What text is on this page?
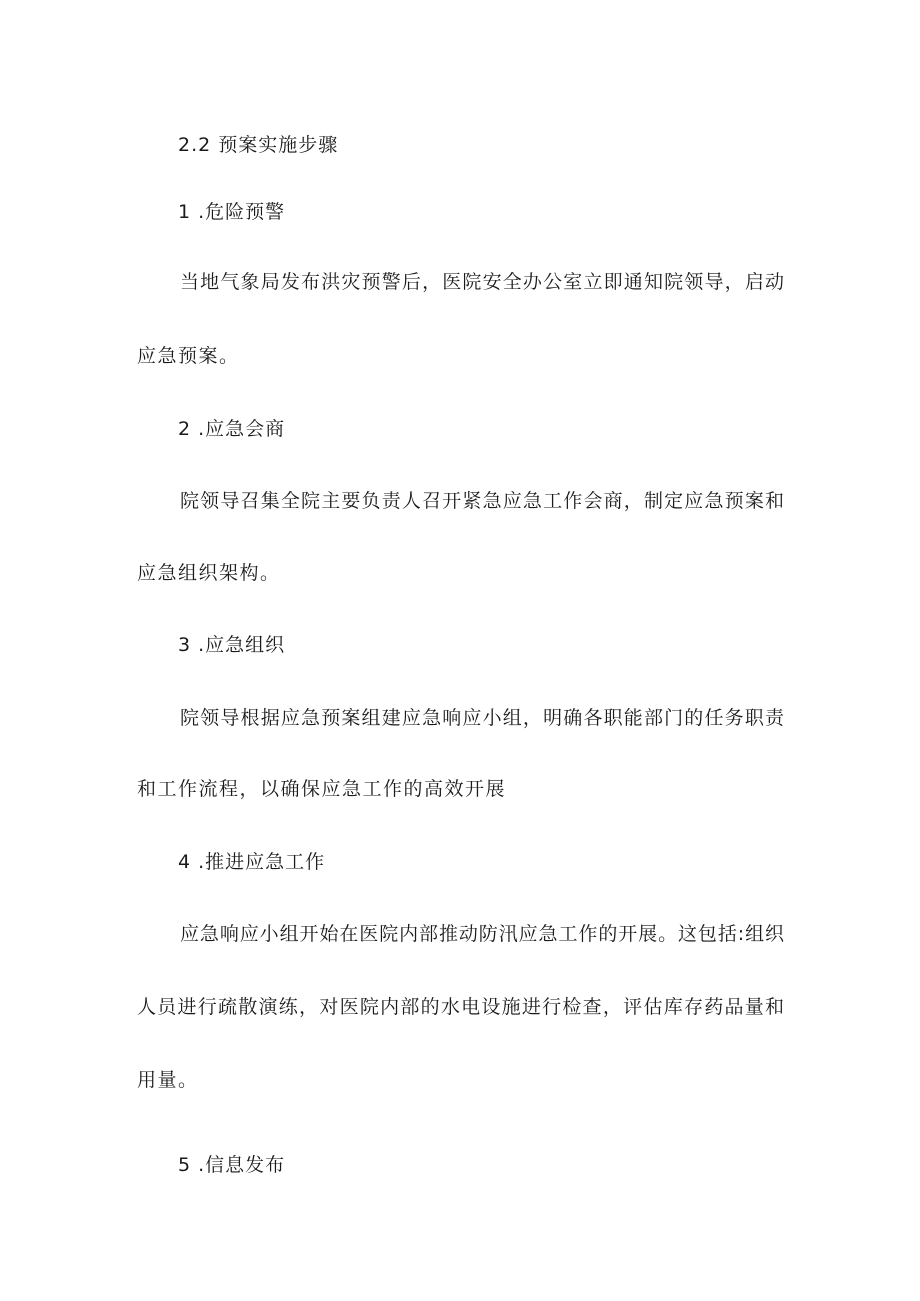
2.2 预案实施步骤
1 .危险预警
当地气象局发布洪灾预警后，医院安全办公室立即通知院领导，启动
应急预案。
2 .应急会商
院领导召集全院主要负责人召开紧急应急工作会商，制定应急预案和
应急组织架构。
3 .应急组织
院领导根据应急预案组建应急响应小组，明确各职能部门的任务职责
和工作流程，以确保应急工作的高效开展
4 .推进应急工作
应急响应小组开始在医院内部推动防汛应急工作的开展。这包括:组织
人员进行疏散演练，对医院内部的水电设施进行检查，评估库存药品量和
用量。
5 .信息发布
